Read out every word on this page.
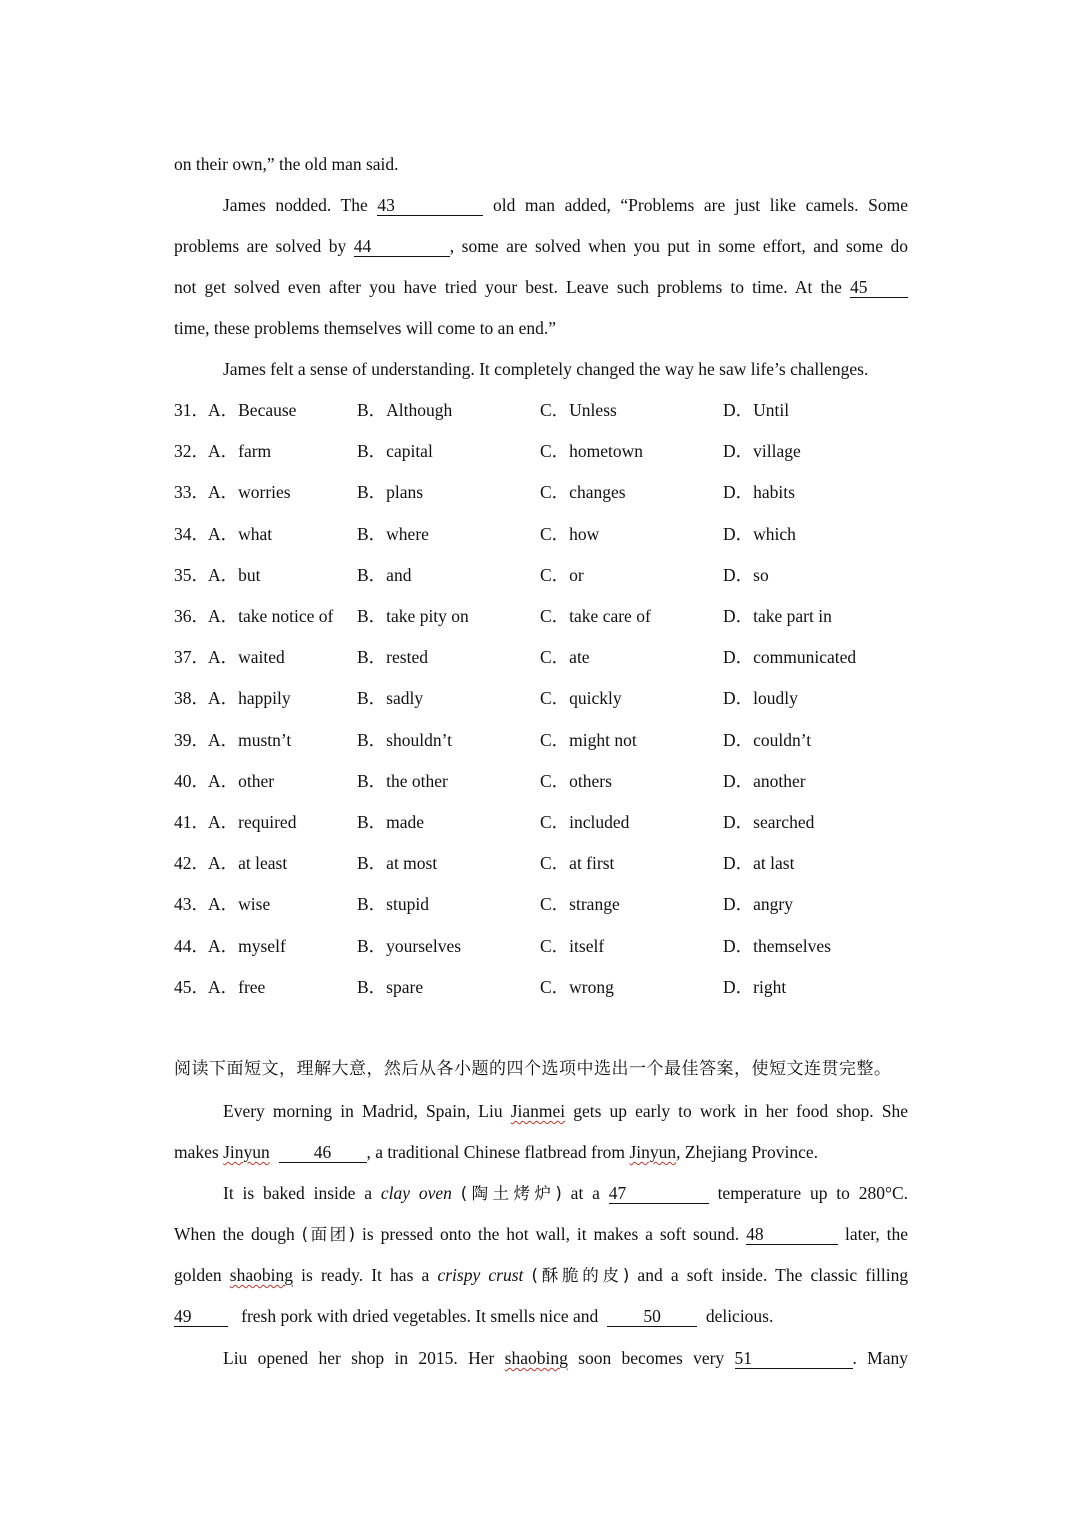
on their own,” the old man said.
James nodded. The 43	old man added, “Problems are just like camels. Some
problems are solved by 44	, some are solved when you put in some effort, and some do
not get solved even after you have tried your best. Leave such problems to time. At the 45
time, these problems themselves will come to an end.”
James felt a sense of understanding. It completely changed the way he saw life’s challenges.
31． A．Because	B．Although	C．Unless	D．Until
32． A．farm	B．capital	C．hometown	D．village
33． A．worries	B．plans	C．changes	D．habits
34． A．what	B．where	C．how	D．which
35． A．but	B．and	C．or	D．so
36． A．take notice of B．take pity on	C．take care of	D．take part in
37． A．waited	B．rested	C．ate	D．communicated
38． A．happily	B．sadly	C．quickly	D．loudly
39． A．mustn’t	B．shouldn’t	C．might not	D．couldn’t
40． A．other	B．the other	C．others	D．another
41． A．required	B．made	C．included	D．searched
42． A．at least	B．at most	C．at first	D．at last
43． A．wise	B．stupid	C．strange	D．angry
44． A．myself	B．yourselves	C．itself	D．themselves
45． A．free	B．spare	C．wrong	D．right
阅读下面短文，理解大意，然后从各小题的四个选项中选出一个最佳答案，使短文连贯完整。
Every morning in Madrid, Spain, Liu Jianmei gets up early to work in her food shop. She
makes Jinyun	46 , a traditional Chinese flatbread from Jinyun, Zhejiang Province.
It is baked inside a clay oven (陶土烤炉) at a 47	temperature up to 280°C.
When the dough (面团) is pressed onto the hot wall, it makes a soft sound. 48	later, the
golden shaobing is ready. It has a crispy crust (酥脆的皮) and a soft inside. The classic filling
49	fresh pork with dried vegetables. It smells nice and	50	delicious.
Liu opened her shop in 2015. Her shaobing soon becomes very 51	. Many
